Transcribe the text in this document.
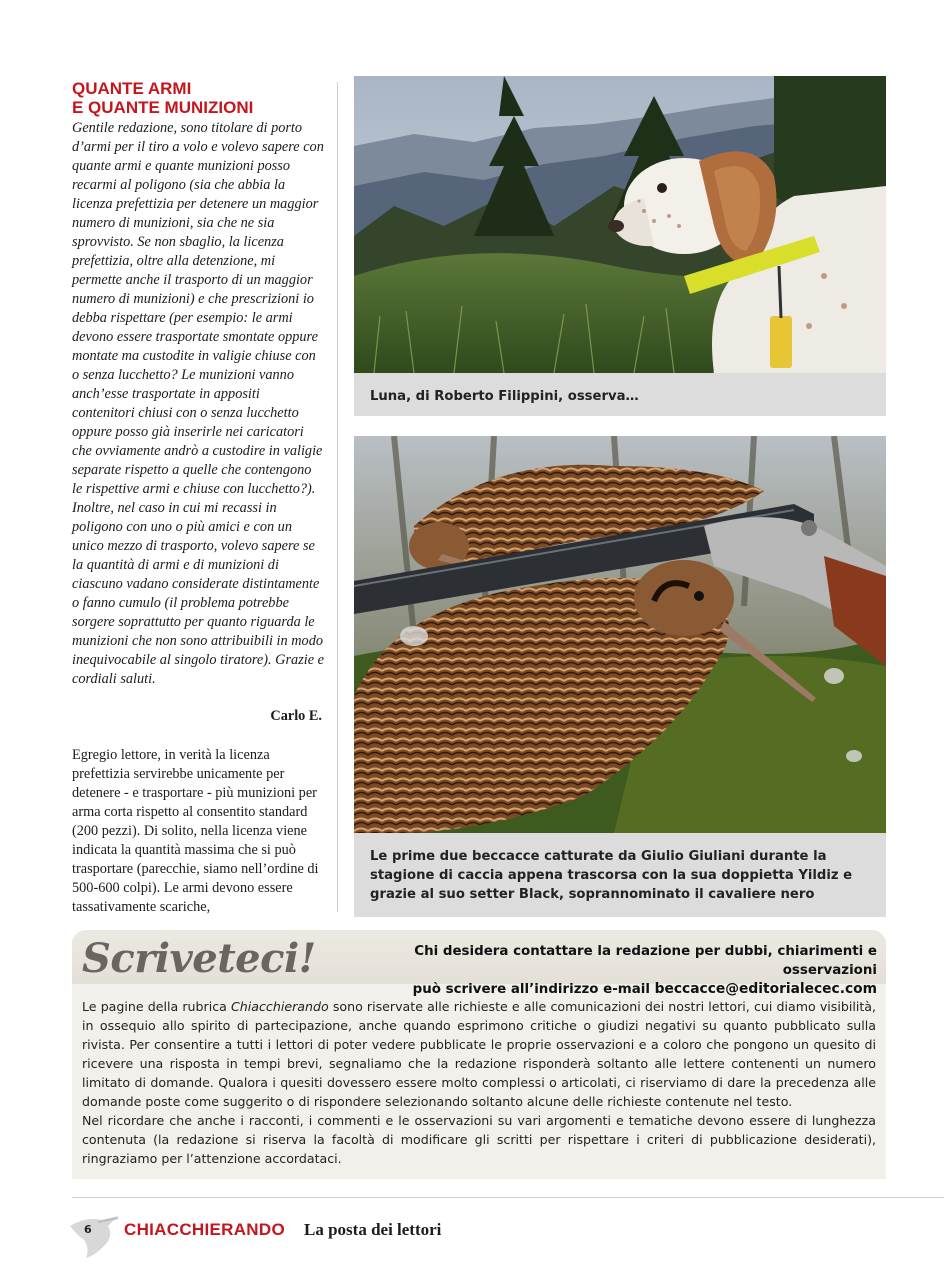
QUANTE ARMI
E QUANTE MUNIZIONI

Gentile redazione, sono titolare di porto d’armi per il tiro a volo e volevo sapere con quante armi e quante munizioni posso recarmi al poligono (sia che abbia la licenza prefettizia per detenere un maggior numero di munizioni, sia che ne sia sprovvisto. Se non sbaglio, la licenza prefettizia, oltre alla detenzione, mi permette anche il trasporto di un maggior numero di munizioni) e che prescrizioni io debba rispettare (per esempio: le armi devono essere trasportate smontate oppure montate ma custodite in valigie chiuse con o senza lucchetto? Le munizioni vanno anch’esse trasportate in appositi contenitori chiusi con o senza lucchetto oppure posso già inserirle nei caricatori che ovviamente andrò a custodire in valigie separate rispetto a quelle che contengono le rispettive armi e chiuse con lucchetto?). Inoltre, nel caso in cui mi recassi in poligono con uno o più amici e con un unico mezzo di trasporto, volevo sapere se la quantità di armi e di munizioni di ciascuno vadano considerate distintamente o fanno cumulo (il problema potrebbe sorgere soprattutto per quanto riguarda le munizioni che non sono attribuibili in modo inequivocabile al singolo tiratore). Grazie e cordiali saluti.

Carlo E.

Egregio lettore, in verità la licenza prefettizia servirebbe unicamente per detenere - e trasportare - più munizioni per arma corta rispetto al consentito standard (200 pezzi). Di solito, nella licenza viene indicata la quantità massima che si può trasportare (parecchie, siamo nell’ordine di 500-600 colpi). Le armi devono essere tassativamente scariche,

Luna, di Roberto Filippini, osserva…
Le prime due beccacce catturate da Giulio Giuliani durante la stagione di caccia appena trascorsa con la sua doppietta Yildiz e grazie al suo setter Black, soprannominato il cavaliere nero
Scriveteci!	Chi desidera contattare la redazione per dubbi, chiarimenti e osservazioni
può scrivere all’indirizzo e-mail beccacce@editorialecec.com

Le pagine della rubrica Chiacchierando sono riservate alle richieste e alle comunicazioni dei nostri lettori, cui diamo visibilità, in ossequio allo spirito di partecipazione, anche quando esprimono critiche o giudizi negativi su quanto pubblicato sulla rivista. Per consentire a tutti i lettori di poter vedere pubblicate le proprie osservazioni e a coloro che pongono un quesito di ricevere una risposta in tempi brevi, segnaliamo che la redazione risponderà soltanto alle lettere contenenti un numero limitato di domande. Qualora i quesiti dovessero essere molto complessi o articolati, ci riserviamo di dare la precedenza alle domande poste come suggerito o di rispondere selezionando soltanto alcune delle richieste contenute nel testo.
Nel ricordare che anche i racconti, i commenti e le osservazioni su vari argomenti e tematiche devono essere di lunghezza contenuta (la redazione si riserva la facoltà di modificare gli scritti per rispettare i criteri di pubblicazione desiderati), ringraziamo per l’attenzione accordataci.

6 CHIACCHIERANDO La posta dei lettori
